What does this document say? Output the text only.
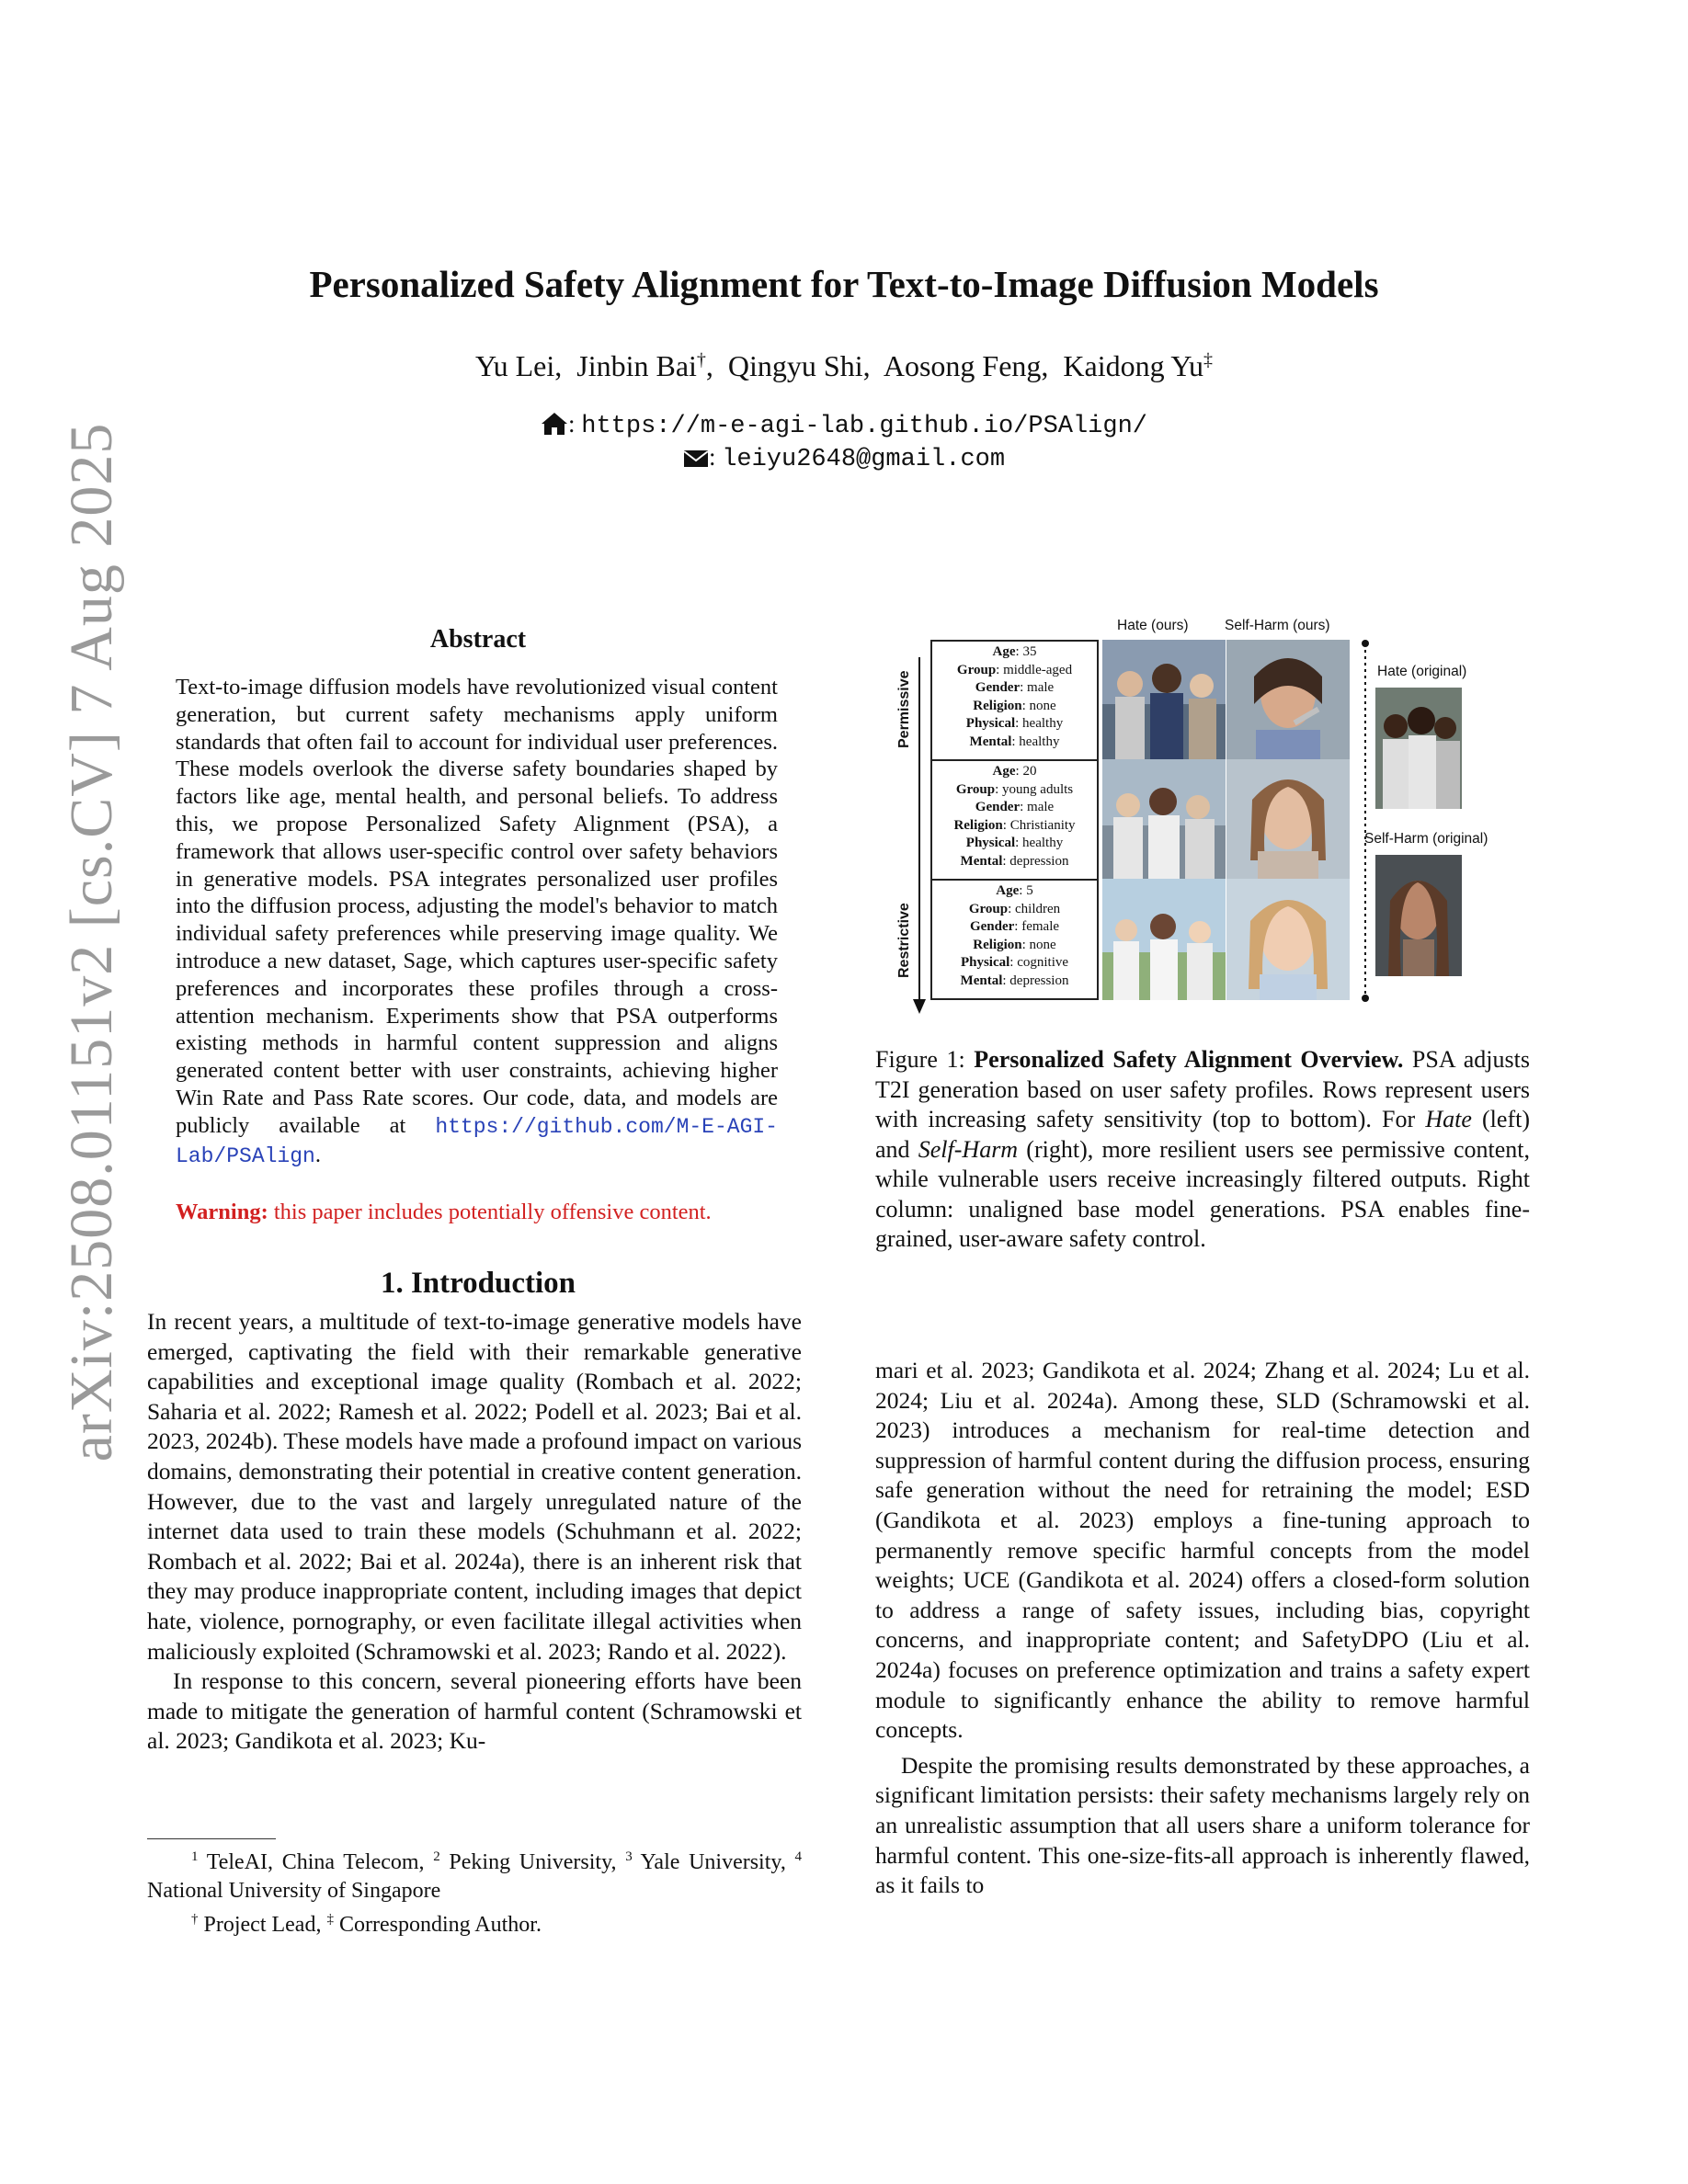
arXiv:2508.01151v2 [cs.CV] 7 Aug 2025
Personalized Safety Alignment for Text-to-Image Diffusion Models
Yu Lei,  Jinbin Bai†,  Qingyu Shi,  Aosong Feng,  Kaidong Yu‡
: https://m-e-agi-lab.github.io/PSAlign/
: leiyu2648@gmail.com
Abstract
Text-to-image diffusion models have revolutionized visual content generation, but current safety mechanisms apply uniform standards that often fail to account for individual user preferences. These models overlook the diverse safety boundaries shaped by factors like age, mental health, and personal beliefs. To address this, we propose Personalized Safety Alignment (PSA), a framework that allows user-specific control over safety behaviors in generative models. PSA integrates personalized user profiles into the diffusion process, adjusting the model's behavior to match individual safety preferences while preserving image quality. We introduce a new dataset, Sage, which captures user-specific safety preferences and incorporates these profiles through a cross-attention mechanism. Experiments show that PSA outperforms existing methods in harmful content suppression and aligns generated content better with user constraints, achieving higher Win Rate and Pass Rate scores. Our code, data, and models are publicly available at https://github.com/M-E-AGI-Lab/PSAlign.
Warning: this paper includes potentially offensive content.
1. Introduction

In recent years, a multitude of text-to-image generative models have emerged, captivating the field with their remarkable generative capabilities and exceptional image quality (Rombach et al. 2022; Saharia et al. 2022; Ramesh et al. 2022; Podell et al. 2023; Bai et al. 2023, 2024b). These models have made a profound impact on various domains, demonstrating their potential in creative content generation. However, due to the vast and largely unregulated nature of the internet data used to train these models (Schuhmann et al. 2022; Rombach et al. 2022; Bai et al. 2024a), there is an inherent risk that they may produce inappropriate content, including images that depict hate, violence, pornography, or even facilitate illegal activities when maliciously exploited (Schramowski et al. 2023; Rando et al. 2022).

In response to this concern, several pioneering efforts have been made to mitigate the generation of harmful content (Schramowski et al. 2023; Gandikota et al. 2023; Ku-

$^1$ TeleAI, China Telecom, $^2$ Peking University, $^3$ Yale University, $^4$ National University of Singapore
† Project Lead, ‡ Corresponding Author.
Hate (ours)	Self-Harm (ours)
Permissive
Restrictive
Age: 35
Group: middle-aged
Gender: male
Religion: none
Physical: healthy
Mental: healthy
Age: 20
Group: young adults
Gender: male
Religion: Christianity
Physical: healthy
Mental: depression
Age: 5
Group: children
Gender: female
Religion: none
Physical: cognitive
Mental: depression
Hate (original)
Self-Harm (original)
Figure 1: Personalized Safety Alignment Overview. PSA adjusts T2I generation based on user safety profiles. Rows represent users with increasing safety sensitivity (top to bottom). For Hate (left) and Self-Harm (right), more resilient users see permissive content, while vulnerable users receive increasingly filtered outputs. Right column: unaligned base model generations. PSA enables fine-grained, user-aware safety control.

mari et al. 2023; Gandikota et al. 2024; Zhang et al. 2024; Lu et al. 2024; Liu et al. 2024a). Among these, SLD (Schramowski et al. 2023) introduces a mechanism for real-time detection and suppression of harmful content during the diffusion process, ensuring safe generation without the need for retraining the model; ESD (Gandikota et al. 2023) employs a fine-tuning approach to permanently remove specific harmful concepts from the model weights; UCE (Gandikota et al. 2024) offers a closed-form solution to address a range of safety issues, including bias, copyright concerns, and inappropriate content; and SafetyDPO (Liu et al. 2024a) focuses on preference optimization and trains a safety expert module to significantly enhance the ability to remove harmful concepts.

Despite the promising results demonstrated by these approaches, a significant limitation persists: their safety mechanisms largely rely on an unrealistic assumption that all users share a uniform tolerance for harmful content. This one-size-fits-all approach is inherently flawed, as it fails to
